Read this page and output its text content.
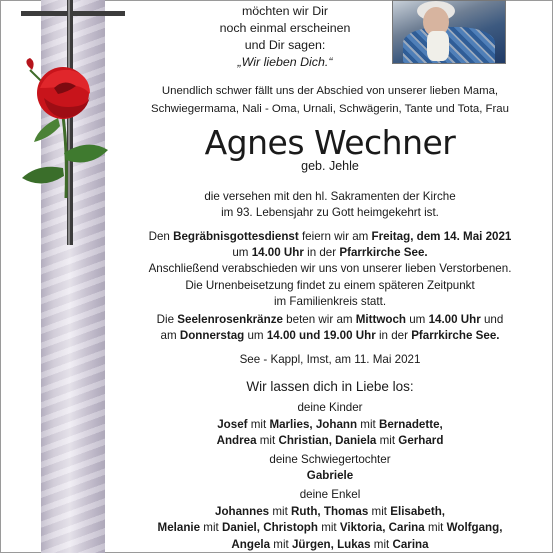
möchten wir Dir
noch einmal erscheinen
und Dir sagen:
„Wir lieben Dich.“
Unendlich schwer fällt uns der Abschied von unserer lieben Mama,
Schwiegermama, Nali - Oma, Urnali, Schwägerin, Tante und Tota, Frau
Agnes Wechner
geb. Jehle
die versehen mit den hl. Sakramenten der Kirche
im 93. Lebensjahr zu Gott heimgekehrt ist.
Den Begräbnisgottesdienst feiern wir am Freitag, dem 14. Mai 2021
um 14.00 Uhr in der Pfarrkirche See.
Anschließend verabschieden wir uns von unserer lieben Verstorbenen.
Die Urnenbeisetzung findet zu einem späteren Zeitpunkt
im Familienkreis statt.
Die Seelenrosenkränze beten wir am Mittwoch um 14.00 Uhr und
am Donnerstag um 14.00 und 19.00 Uhr in der Pfarrkirche See.
See - Kappl, Imst, am 11. Mai 2021
Wir lassen dich in Liebe los:
deine Kinder
Josef mit Marlies, Johann mit Bernadette,
Andrea mit Christian, Daniela mit Gerhard
deine Schwiegertochter
Gabriele
deine Enkel
Johannes mit Ruth, Thomas mit Elisabeth,
Melanie mit Daniel, Christoph mit Viktoria, Carina mit Wolfgang,
Angela mit Jürgen, Lukas mit Carina
